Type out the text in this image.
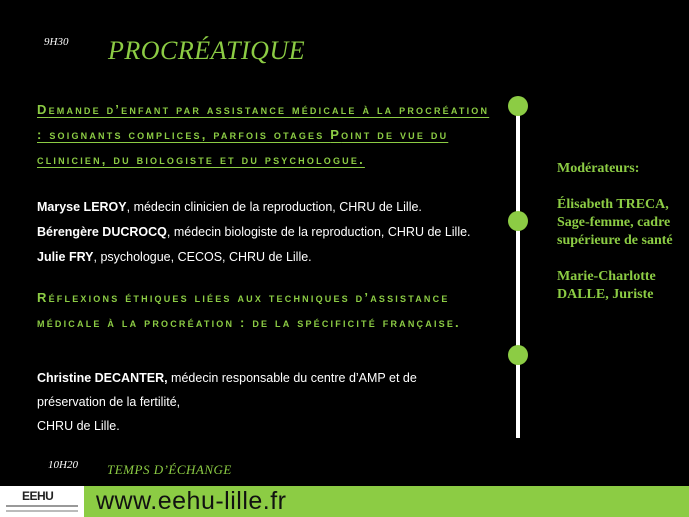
9H30 PROCRÉATIQUE
Demande d’enfant par assistance médicale à la procréation : soignants complices, parfois otages Point de vue du clinicien, du biologiste et du psychologue.
Maryse LEROY, médecin clinicien de la reproduction, CHRU de Lille.
Bérengère DUCROCQ, médecin biologiste de la reproduction, CHRU de Lille.
Julie FRY, psychologue, CECOS, CHRU de Lille.
Réflexions éthiques liées aux techniques d’assistance médicale à la procréation : de la spécificité française.
Christine DECANTER, médecin responsable du centre d’AMP et de préservation de la fertilité,
CHRU de Lille.
Modérateurs:
Élisabeth TRECA, Sage-femme, cadre supérieure de santé
Marie-Charlotte DALLE, Juriste
10H20 TEMPS D’ÉCHANGE
EEHU www.eehu-lille.fr
